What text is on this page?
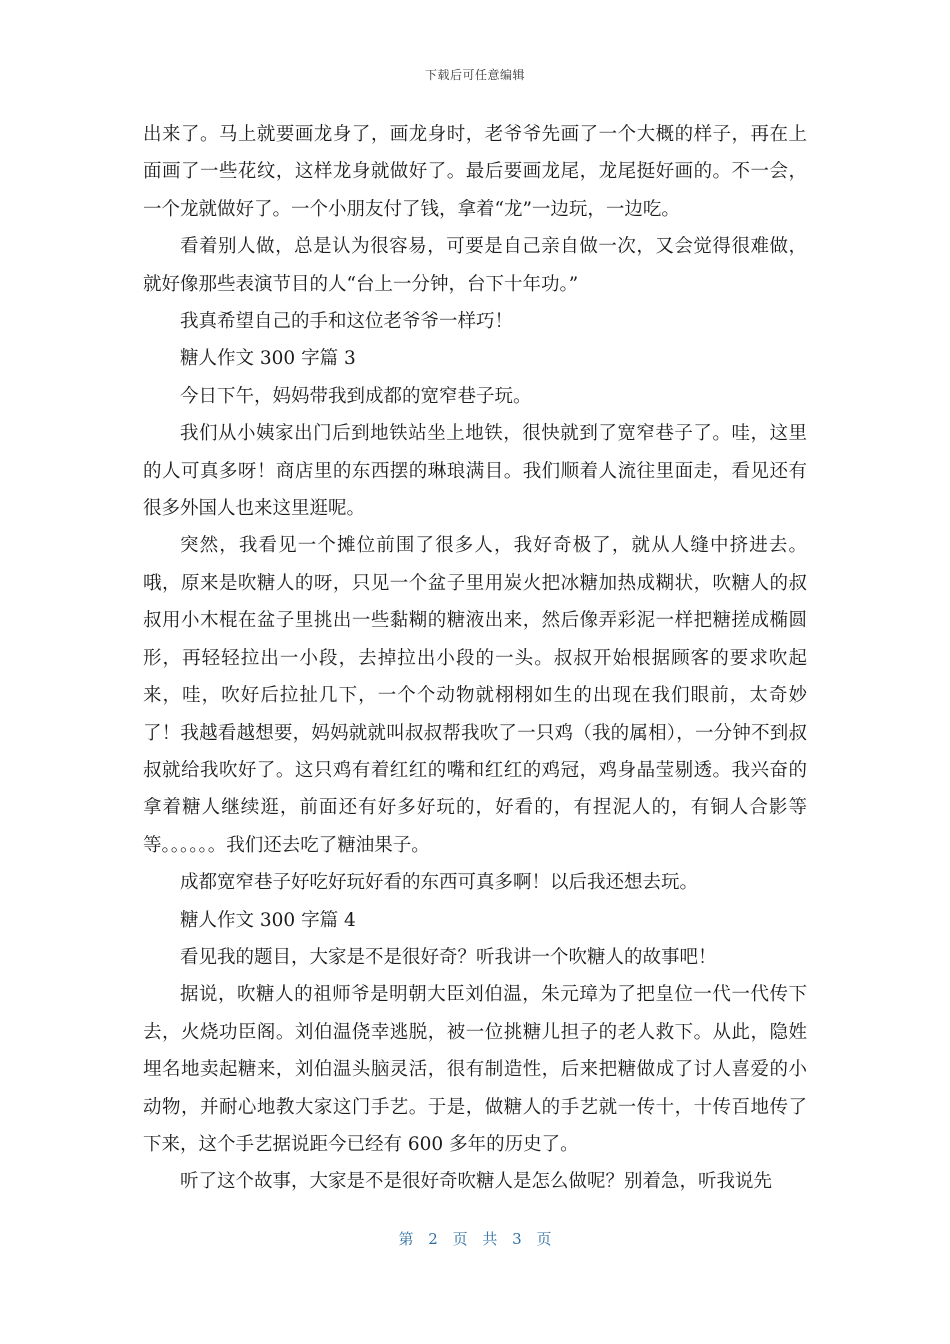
下载后可任意编辑

出来了。马上就要画龙身了，画龙身时，老爷爷先画了一个大概的样子，再在上面画了一些花纹，这样龙身就做好了。最后要画龙尾，龙尾挺好画的。不一会，一个龙就做好了。一个小朋友付了钱，拿着“龙”一边玩，一边吃。

看着别人做，总是认为很容易，可要是自己亲自做一次，又会觉得很难做，就好像那些表演节目的人“台上一分钟，台下十年功。”

我真希望自己的手和这位老爷爷一样巧！

糖人作文 300 字篇 3

今日下午，妈妈带我到成都的宽窄巷子玩。

我们从小姨家出门后到地铁站坐上地铁，很快就到了宽窄巷子了。哇，这里的人可真多呀！商店里的东西摆的琳琅满目。我们顺着人流往里面走，看见还有很多外国人也来这里逛呢。

突然，我看见一个摊位前围了很多人，我好奇极了，就从人缝中挤进去。哦，原来是吹糖人的呀，只见一个盆子里用炭火把冰糖加热成糊状，吹糖人的叔叔用小木棍在盆子里挑出一些黏糊的糖液出来，然后像弄彩泥一样把糖搓成椭圆形，再轻轻拉出一小段，去掉拉出小段的一头。叔叔开始根据顾客的要求吹起来，哇，吹好后拉扯几下，一个个动物就栩栩如生的出现在我们眼前，太奇妙了！我越看越想要，妈妈就就叫叔叔帮我吹了一只鸡（我的属相），一分钟不到叔叔就给我吹好了。这只鸡有着红红的嘴和红红的鸡冠，鸡身晶莹剔透。我兴奋的拿着糖人继续逛，前面还有好多好玩的，好看的，有捏泥人的，有铜人合影等等。。。。。。我们还去吃了糖油果子。

成都宽窄巷子好吃好玩好看的东西可真多啊！以后我还想去玩。

糖人作文 300 字篇 4

看见我的题目，大家是不是很好奇？听我讲一个吹糖人的故事吧！

据说，吹糖人的祖师爷是明朝大臣刘伯温，朱元璋为了把皇位一代一代传下去，火烧功臣阁。刘伯温侥幸逃脱，被一位挑糖儿担子的老人救下。从此，隐姓埋名地卖起糖来，刘伯温头脑灵活，很有制造性，后来把糖做成了讨人喜爱的小动物，并耐心地教大家这门手艺。于是，做糖人的手艺就一传十，十传百地传了下来，这个手艺据说距今已经有 600 多年的历史了。

听了这个故事，大家是不是很好奇吹糖人是怎么做呢？别着急，听我说先

第 2 页 共 3 页
